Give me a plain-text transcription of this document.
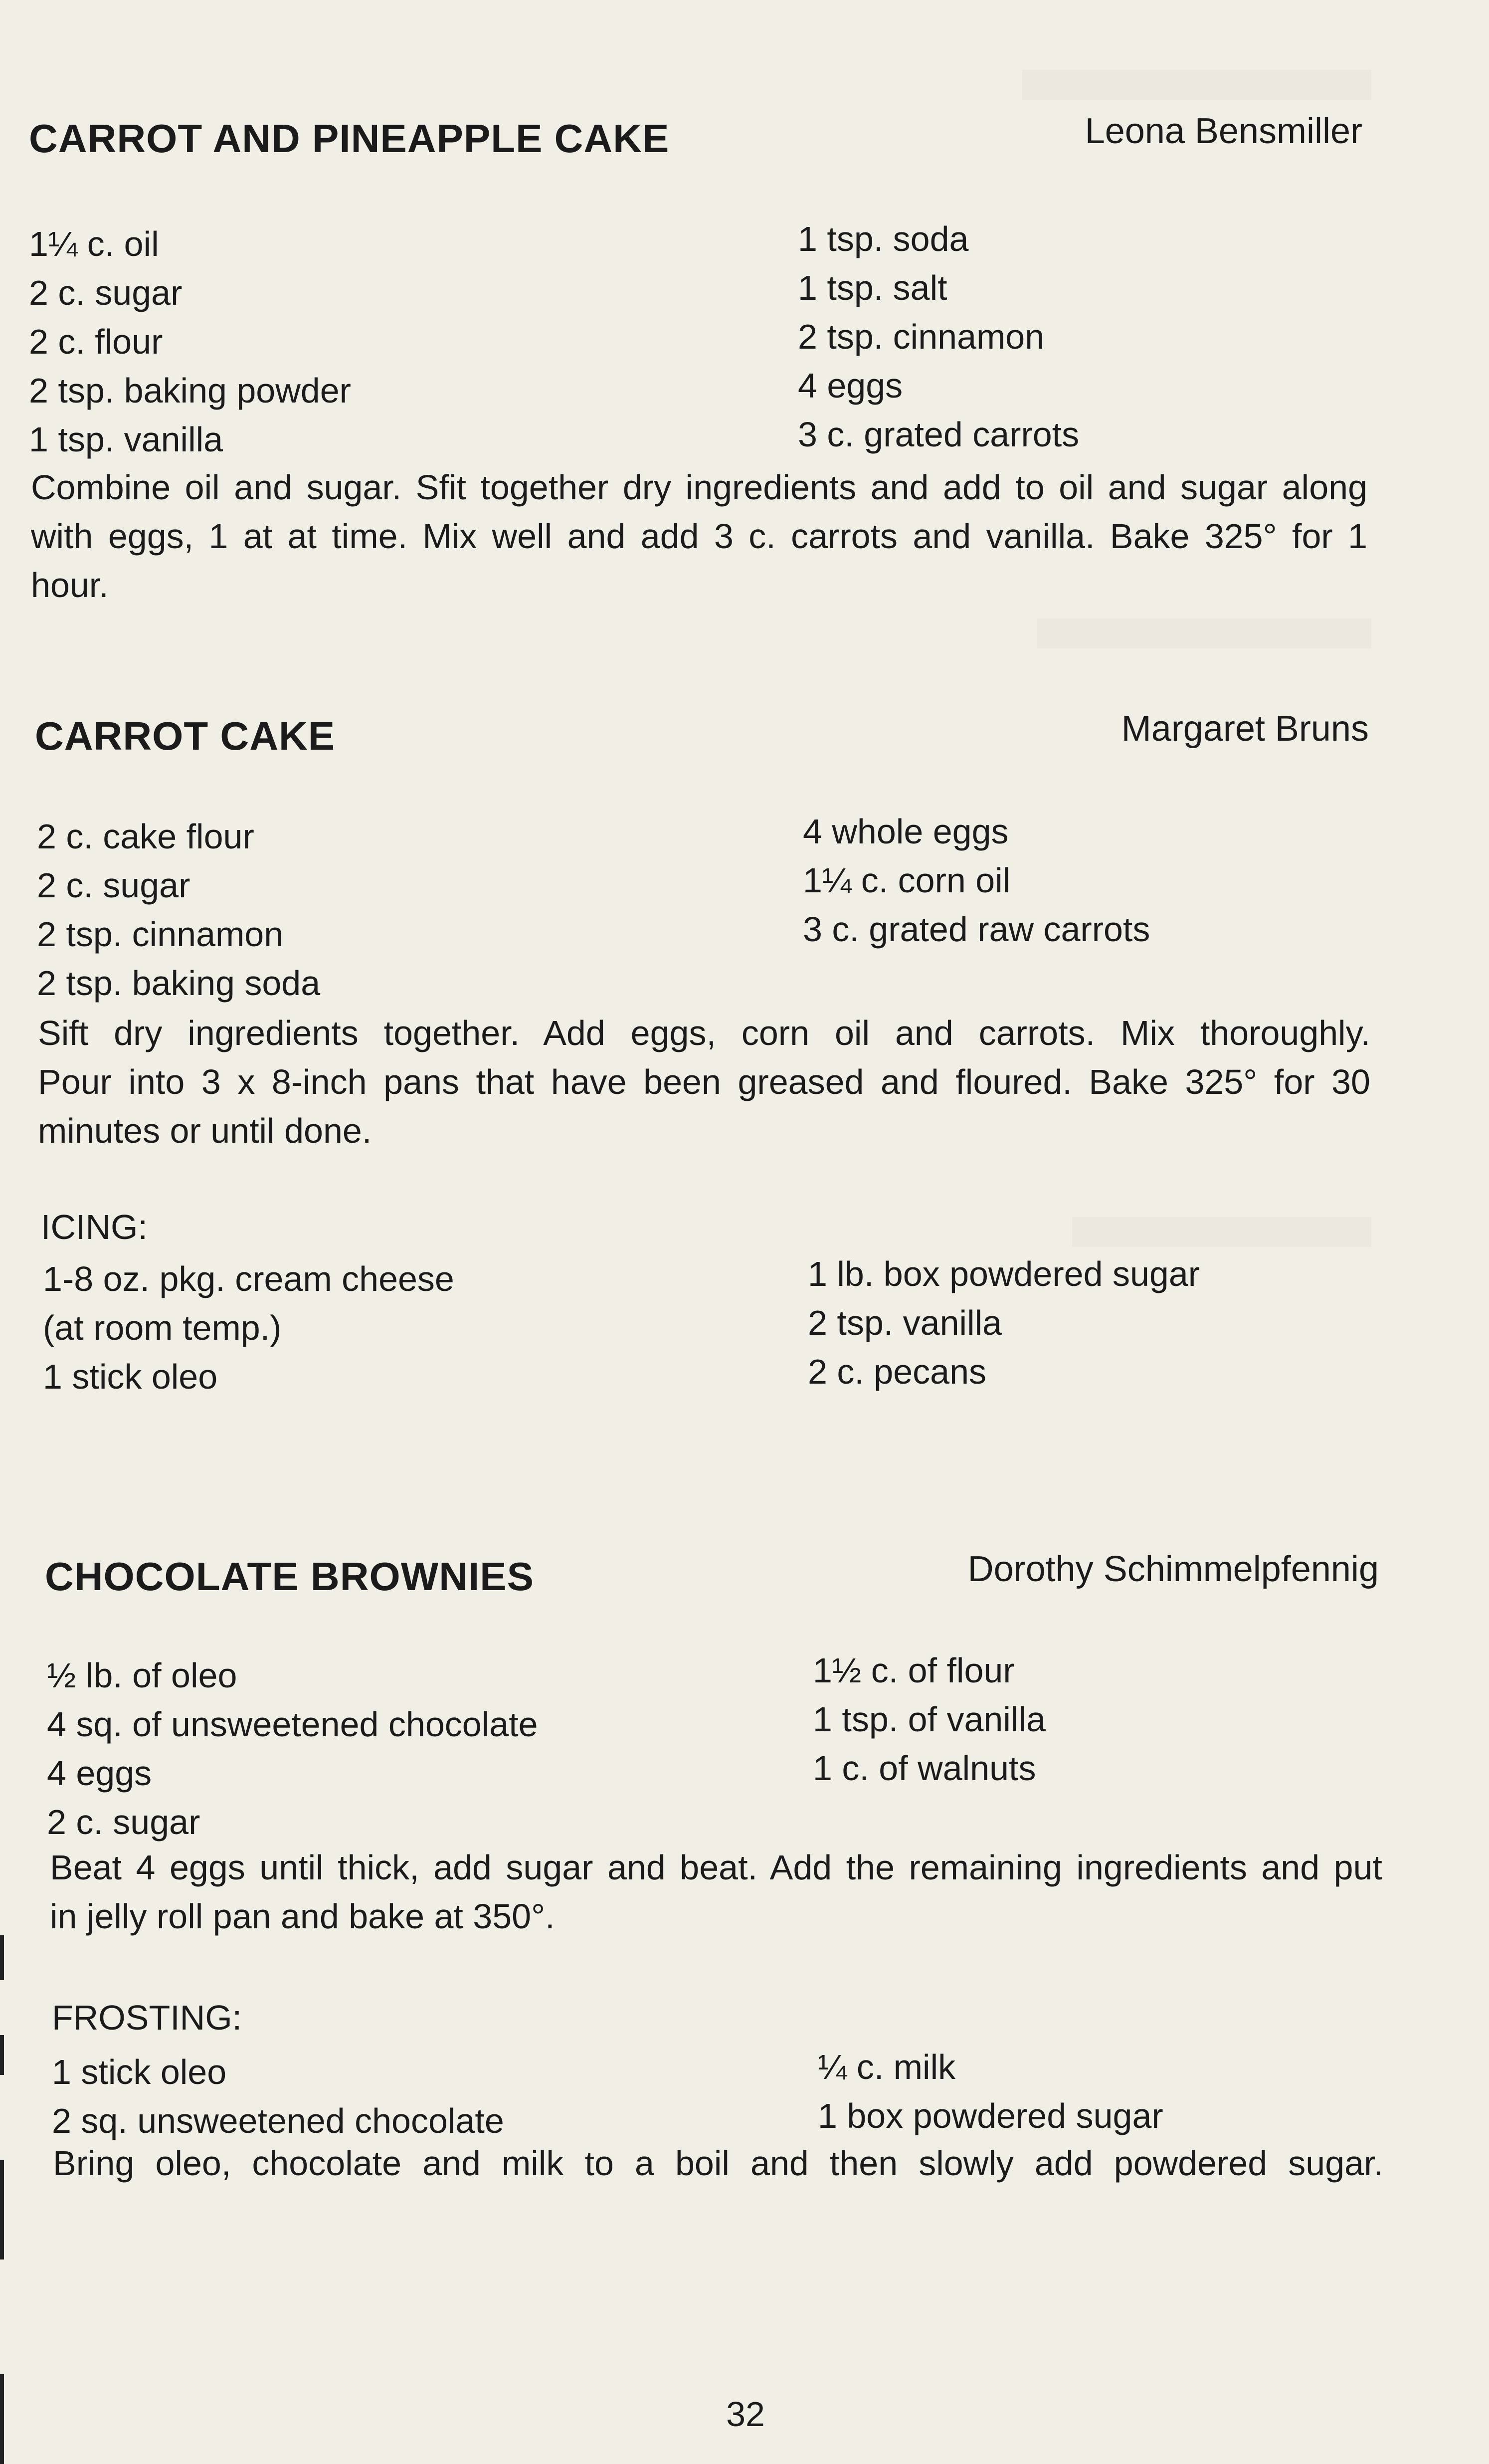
CARROT AND PINEAPPLE CAKE	Leona Bensmiller
1¼ c. oil
2 c. sugar
2 c. flour
2 tsp. baking powder
1 tsp. vanilla
1 tsp. soda
1 tsp. salt
2 tsp. cinnamon
4 eggs
3 c. grated carrots
Combine oil and sugar. Sfit together dry ingredients and add to oil and sugar along
with eggs, 1 at at time. Mix well and add 3 c. carrots and vanilla. Bake 325° for 1
hour.
CARROT CAKE	Margaret Bruns
2 c. cake flour
2 c. sugar
2 tsp. cinnamon
2 tsp. baking soda
4 whole eggs
1¼ c. corn oil
3 c. grated raw carrots
Sift dry ingredients together. Add eggs, corn oil and carrots. Mix thoroughly.
Pour into 3 x 8-inch pans that have been greased and floured. Bake 325° for 30
minutes or until done.
ICING:
1-8 oz. pkg. cream cheese
(at room temp.)
1 stick oleo
1 lb. box powdered sugar
2 tsp. vanilla
2 c. pecans
CHOCOLATE BROWNIES	Dorothy Schimmelpfennig
½ lb. of oleo
4 sq. of unsweetened chocolate
4 eggs
2 c. sugar
1½ c. of flour
1 tsp. of vanilla
1 c. of walnuts
Beat 4 eggs until thick, add sugar and beat. Add the remaining ingredients and put
in jelly roll pan and bake at 350°.
FROSTING:
1 stick oleo
2 sq. unsweetened chocolate
¼ c. milk
1 box powdered sugar
Bring oleo, chocolate and milk to a boil and then slowly add powdered sugar.
32
